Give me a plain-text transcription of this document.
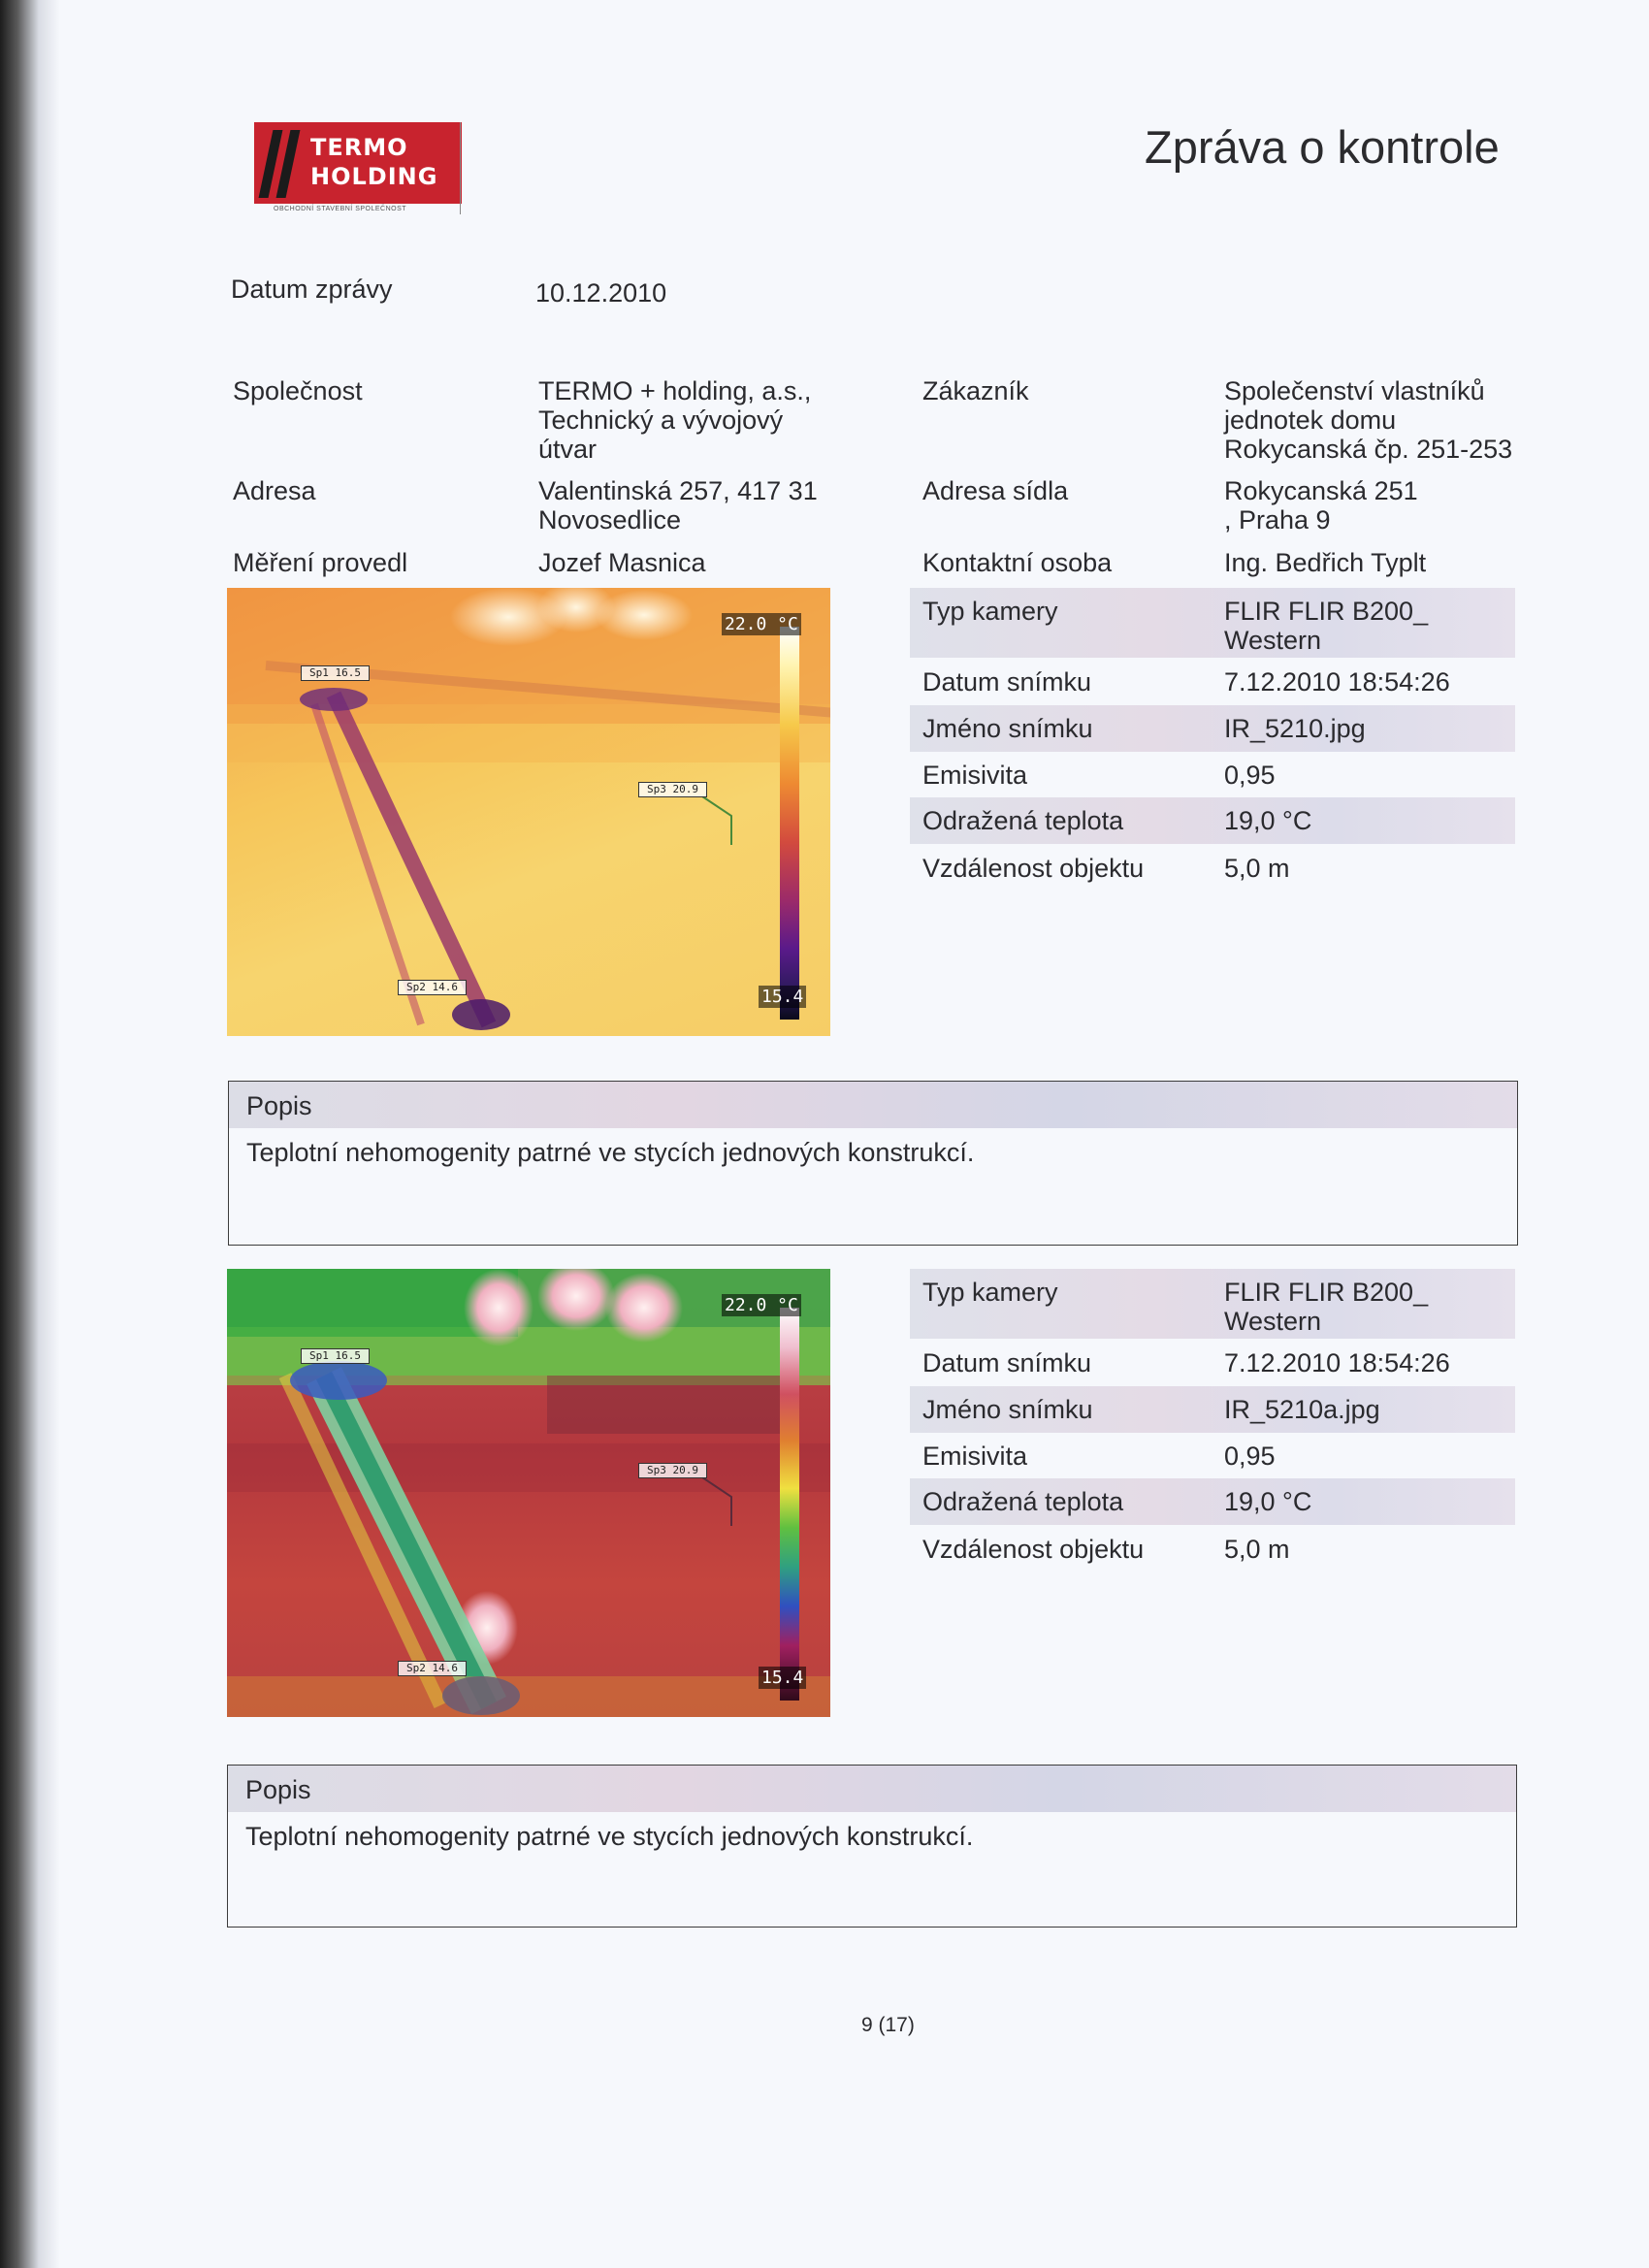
TERMO
HOLDING
OBCHODNÍ STAVEBNÍ SPOLEČNOST
Zpráva o kontrole
Datum zprávy	10.12.2010
Společnost	TERMO + holding, a.s.,
Technický a vývojový
útvar
Adresa	Valentinská 257, 417 31
Novosedlice
Měření provedl	Jozef Masnica
Zákazník	Společenství vlastníků
jednotek domu
Rokycanská čp. 251-253
Adresa sídla	Rokycanská 251
, Praha 9
Kontaktní osoba	Ing. Bedřich Typlt
22.0 °C
15.4
Sp1 16.5
Sp3 20.9
Sp2 14.6
Typ kamery	FLIR FLIR B200_
Western
Datum snímku	7.12.2010 18:54:26
Jméno snímku	IR_5210.jpg
Emisivita	0,95
Odražená teplota	19,0 °C
Vzdálenost objektu	5,0 m
Popis
Teplotní nehomogenity patrné ve stycích jednových konstrukcí.
22.0 °C
15.4
Sp1 16.5
Sp3 20.9
Sp2 14.6
Typ kamery	FLIR FLIR B200_
Western
Datum snímku	7.12.2010 18:54:26
Jméno snímku	IR_5210a.jpg
Emisivita	0,95
Odražená teplota	19,0 °C
Vzdálenost objektu	5,0 m
Popis
Teplotní nehomogenity patrné ve stycích jednových konstrukcí.
9 (17)
